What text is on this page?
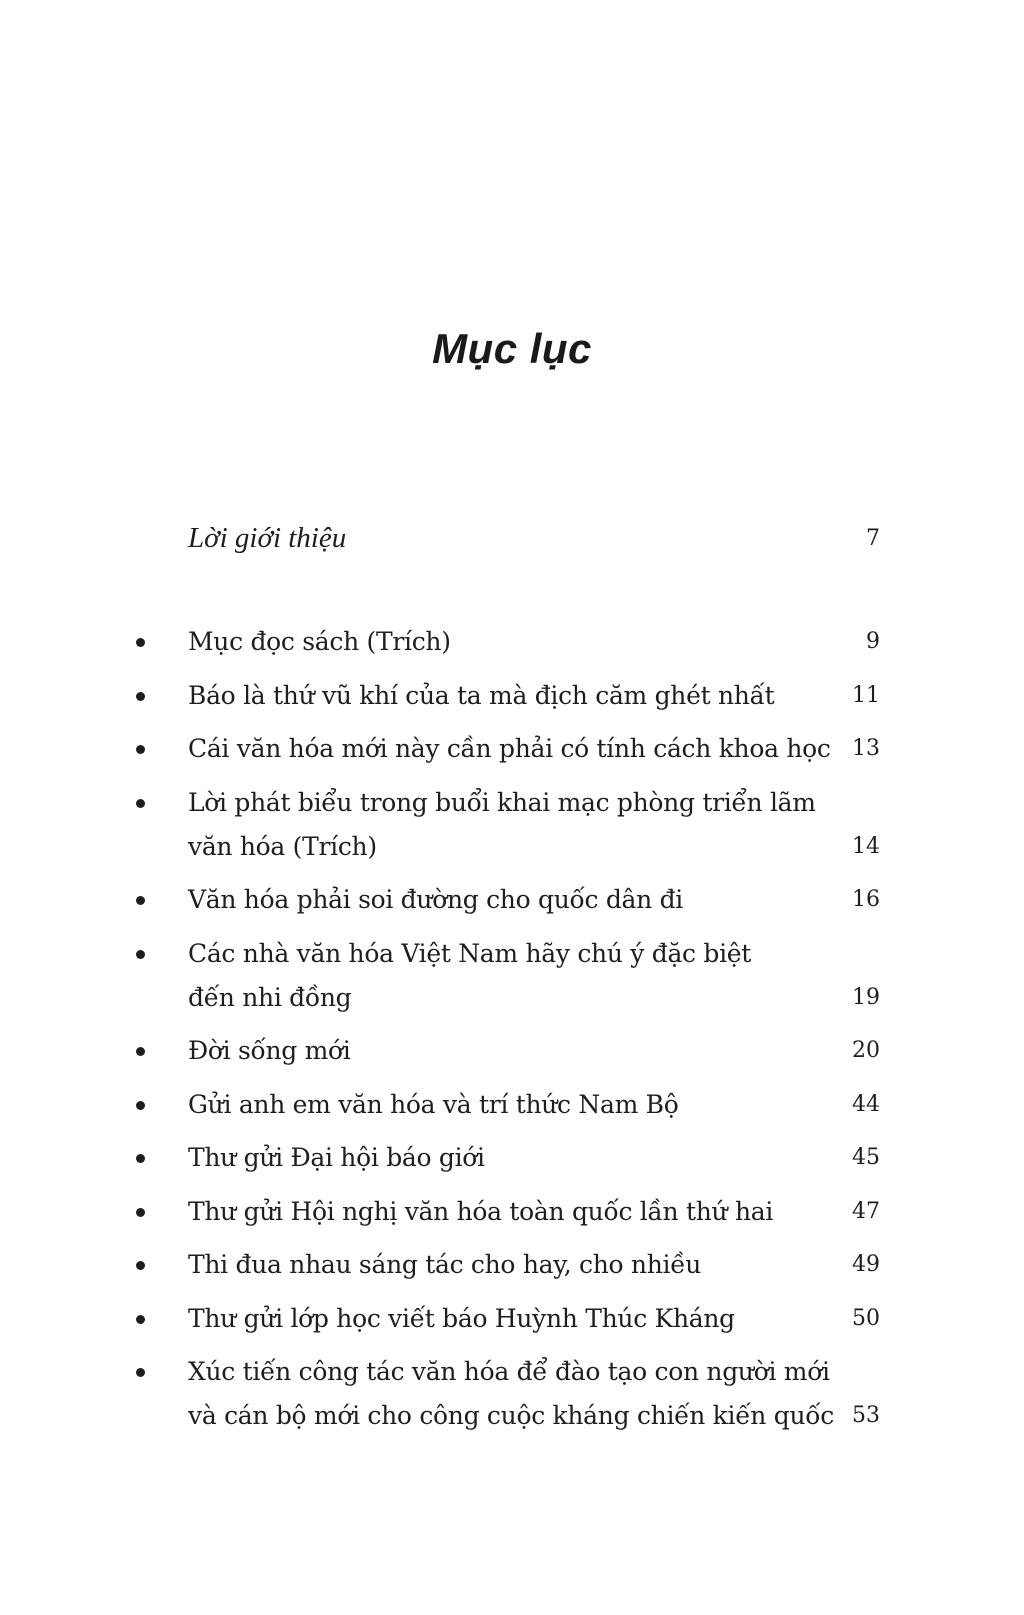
Mục lục
Lời giới thiệu	7
Mục đọc sách (Trích)	9
Báo là thứ vũ khí của ta mà địch căm ghét nhất	11
Cái văn hóa mới này cần phải có tính cách khoa học 13
Lời phát biểu trong buổi khai mạc phòng triển lãm
văn hóa (Trích)	14
Văn hóa phải soi đường cho quốc dân đi	16
Các nhà văn hóa Việt Nam hãy chú ý đặc biệt
đến nhi đồng	19
Đời sống mới	20
Gửi anh em văn hóa và trí thức Nam Bộ	44
Thư gửi Đại hội báo giới	45
Thư gửi Hội nghị văn hóa toàn quốc lần thứ hai	47
Thi đua nhau sáng tác cho hay, cho nhiều	49
Thư gửi lớp học viết báo Huỳnh Thúc Kháng	50
Xúc tiến công tác văn hóa để đào tạo con người mới
và cán bộ mới cho công cuộc kháng chiến kiến quốc 53
